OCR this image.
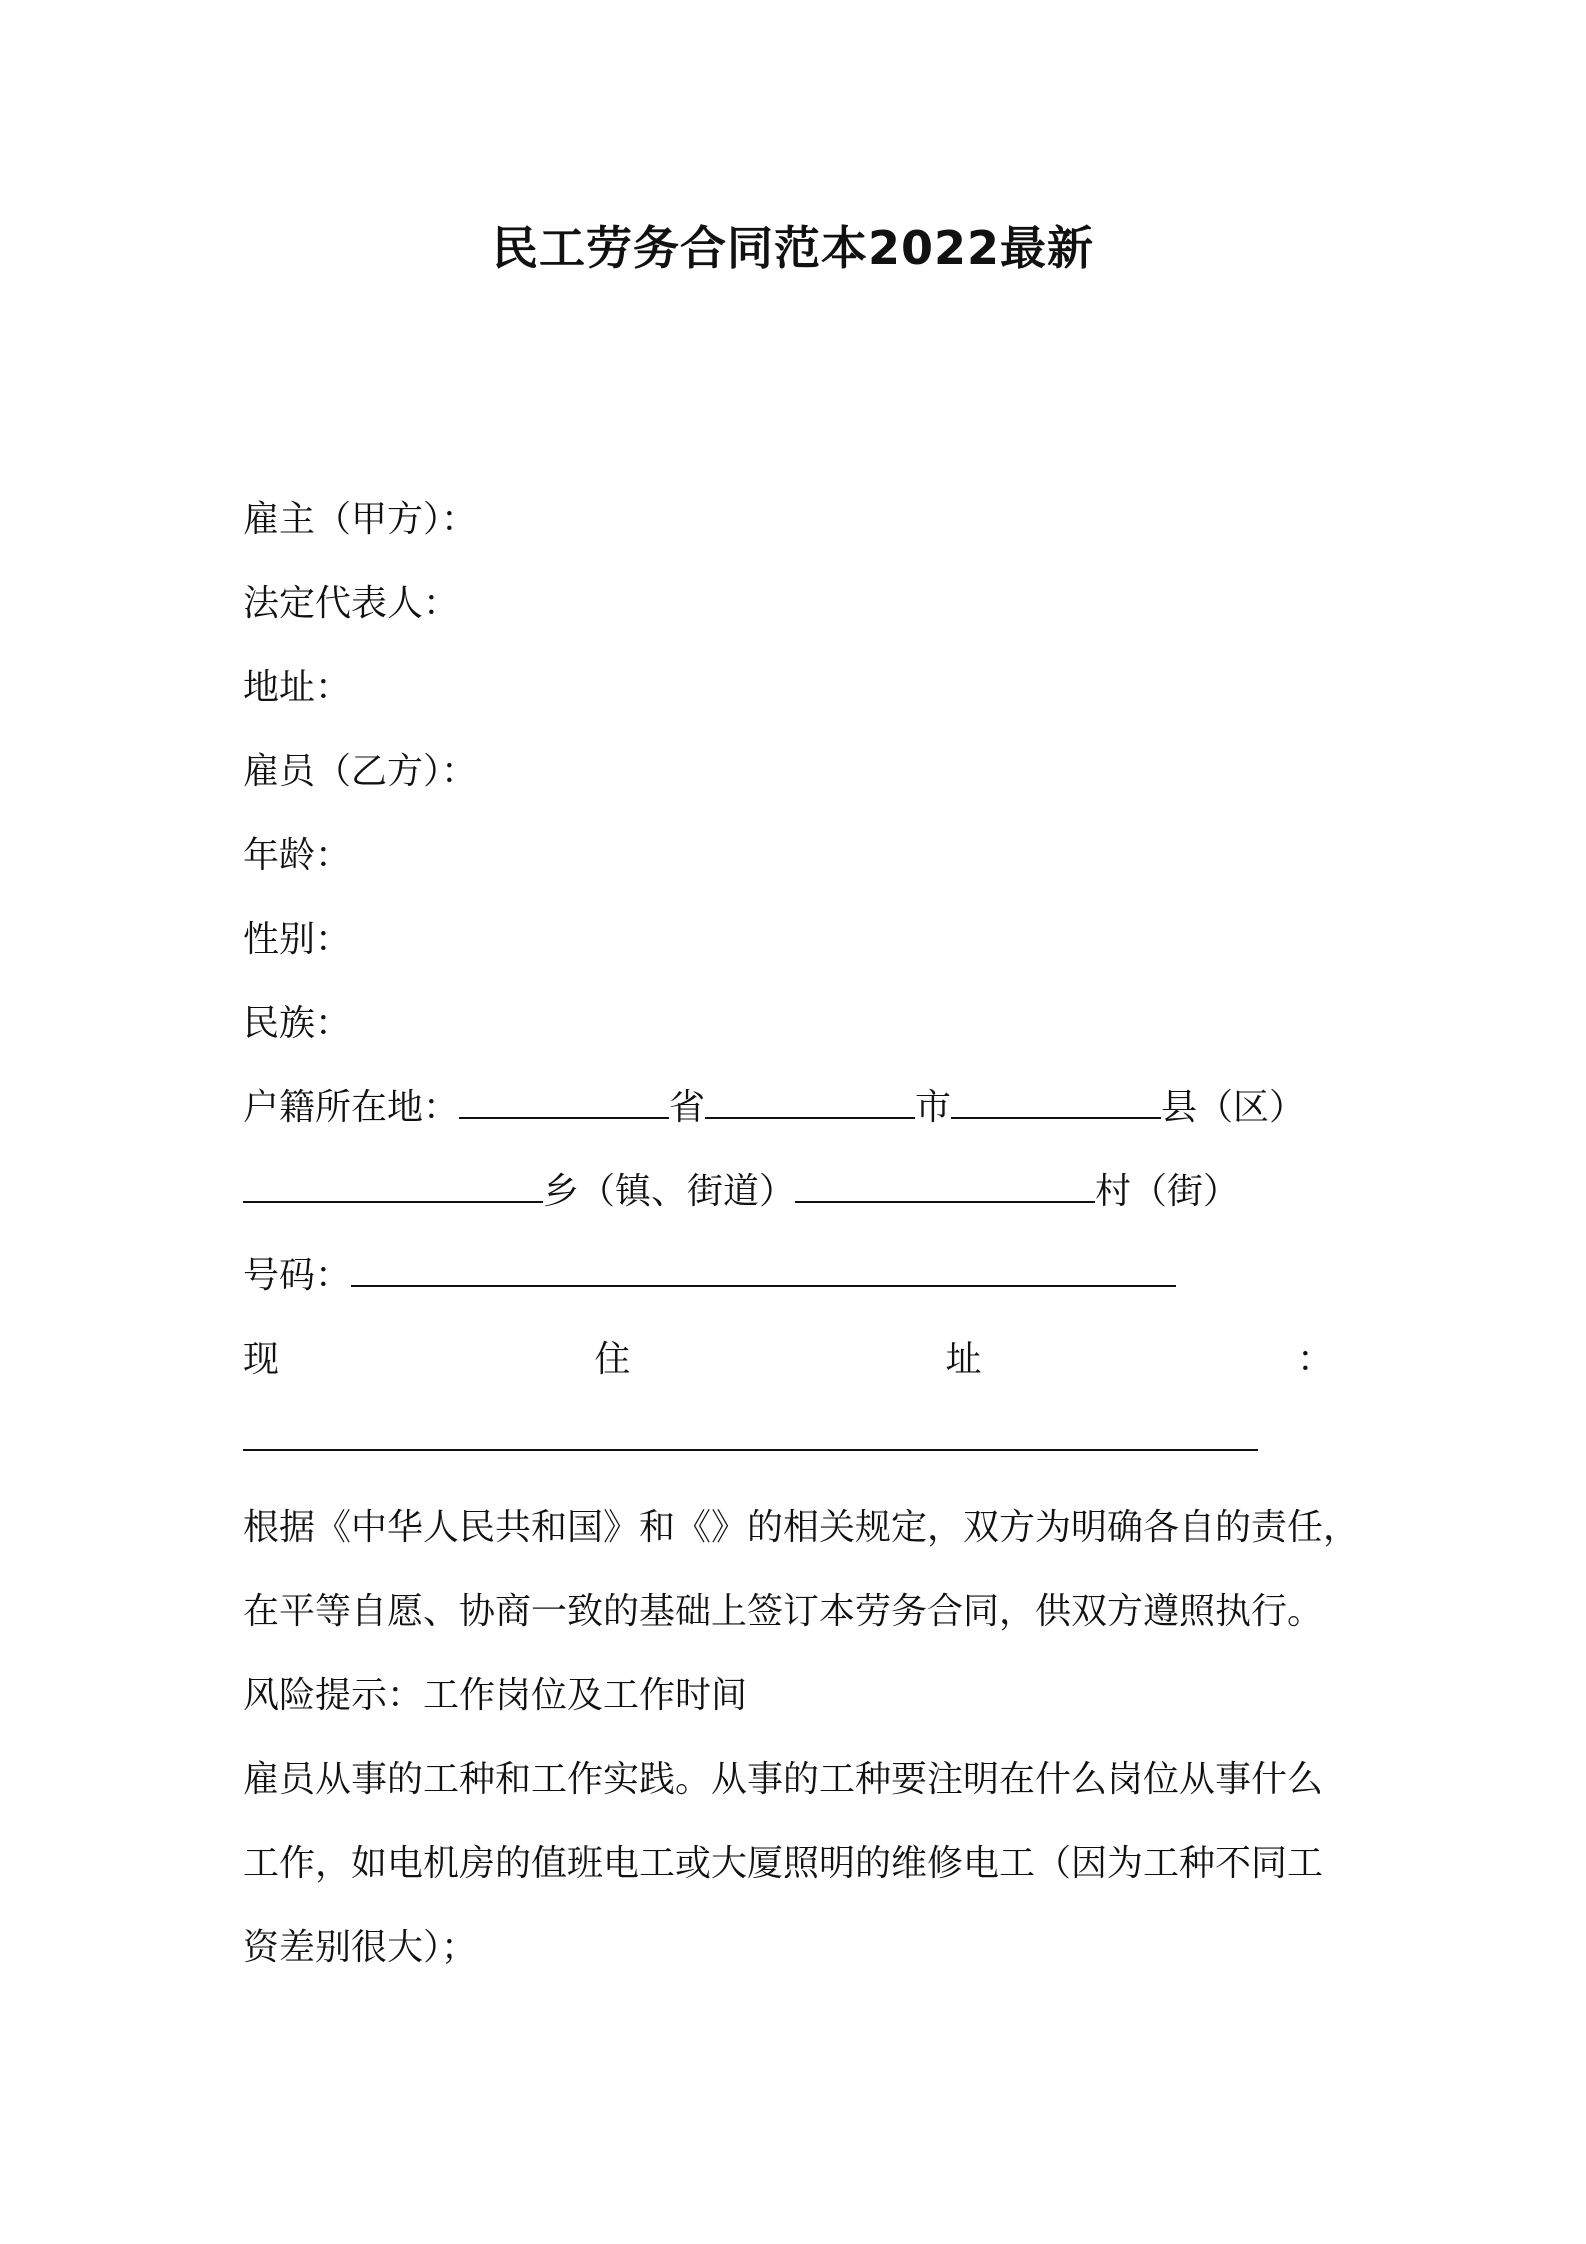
民工劳务合同范本2022最新
雇主（甲方）：
法定代表人：
地址：
雇员（乙方）：
年龄：
性别：
民族：
户籍所在地：	省	市	县（区）
乡（镇、街道）	村（街）
号码：
现	住	址	：
根据《中华人民共和国》和《》的相关规定，双方为明确各自的责任，
在平等自愿、协商一致的基础上签订本劳务合同，供双方遵照执行。
风险提示：工作岗位及工作时间
雇员从事的工种和工作实践。从事的工种要注明在什么岗位从事什么
工作，如电机房的值班电工或大厦照明的维修电工（因为工种不同工
资差别很大）；
